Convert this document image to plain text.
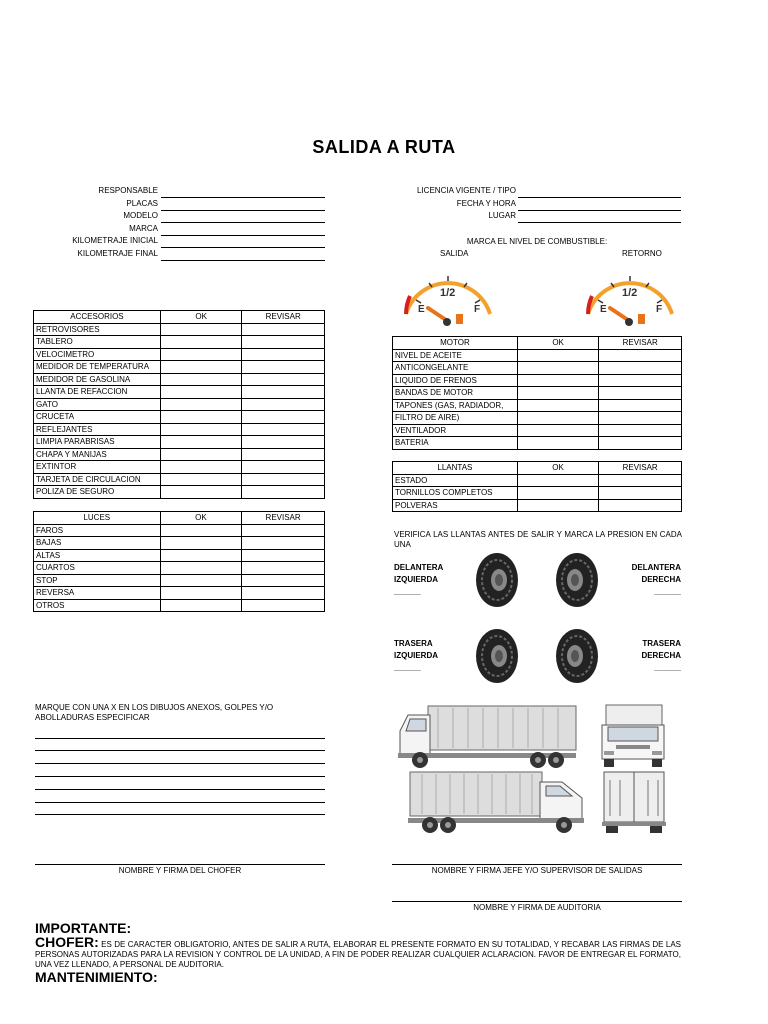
SALIDA A RUTA
RESPONSABLE
PLACAS
MODELO
MARCA
KILOMETRAJE INICIAL
KILOMETRAJE FINAL
LICENCIA VIGENTE / TIPO
FECHA Y HORA
LUGAR
MARCA EL NIVEL DE COMBUSTIBLE:
SALIDA	RETORNO
1/2
E	F
1/2
E	F
ACCESORIOS	OK	REVISAR
RETROVISORES		
TABLERO		
VELOCIMETRO		
MEDIDOR DE TEMPERATURA		
MEDIDOR DE GASOLINA		
LLANTA DE REFACCION		
GATO		
CRUCETA		
REFLEJANTES		
LIMPIA PARABRISAS		
CHAPA Y MANIJAS		
EXTINTOR		
TARJETA DE CIRCULACION		
POLIZA DE SEGURO		
LUCES	OK	REVISAR
FAROS		
BAJAS		
ALTAS		
CUARTOS		
STOP		
REVERSA		
OTROS		
MOTOR	OK	REVISAR
NIVEL DE ACEITE		
ANTICONGELANTE		
LIQUIDO DE FRENOS		
BANDAS DE MOTOR		
TAPONES (GAS, RADIADOR,		
FILTRO DE AIRE)		
VENTILADOR		
BATERIA		
LLANTAS	OK	REVISAR
ESTADO		
TORNILLOS COMPLETOS		
POLVERAS		
VERIFICA LAS LLANTAS ANTES DE SALIR Y MARCA LA PRESION EN CADA UNA
DELANTERA
IZQUIERDA
______
DELANTERA
DERECHA
______
TRASERA
IZQUIERDA
______
TRASERA
DERECHA
______
MARQUE CON UNA X EN LOS DIBUJOS ANEXOS, GOLPES Y/O ABOLLADURAS ESPECIFICAR
NOMBRE Y FIRMA DEL CHOFER	NOMBRE Y FIRMA JEFE Y/O SUPERVISOR DE SALIDAS
NOMBRE Y FIRMA DE AUDITORIA
IMPORTANTE:
CHOFER: ES DE CARACTER OBLIGATORIO, ANTES DE SALIR A RUTA, ELABORAR EL PRESENTE FORMATO EN SU TOTALIDAD, Y RECABAR LAS FIRMAS DE LAS PERSONAS AUTORIZADAS PARA LA REVISION Y CONTROL DE LA UNIDAD, A FIN DE PODER REALIZAR CUALQUIER ACLARACION. FAVOR DE ENTREGAR EL FORMATO, UNA VEZ LLENADO, A PERSONAL DE AUDITORIA.
MANTENIMIENTO:
